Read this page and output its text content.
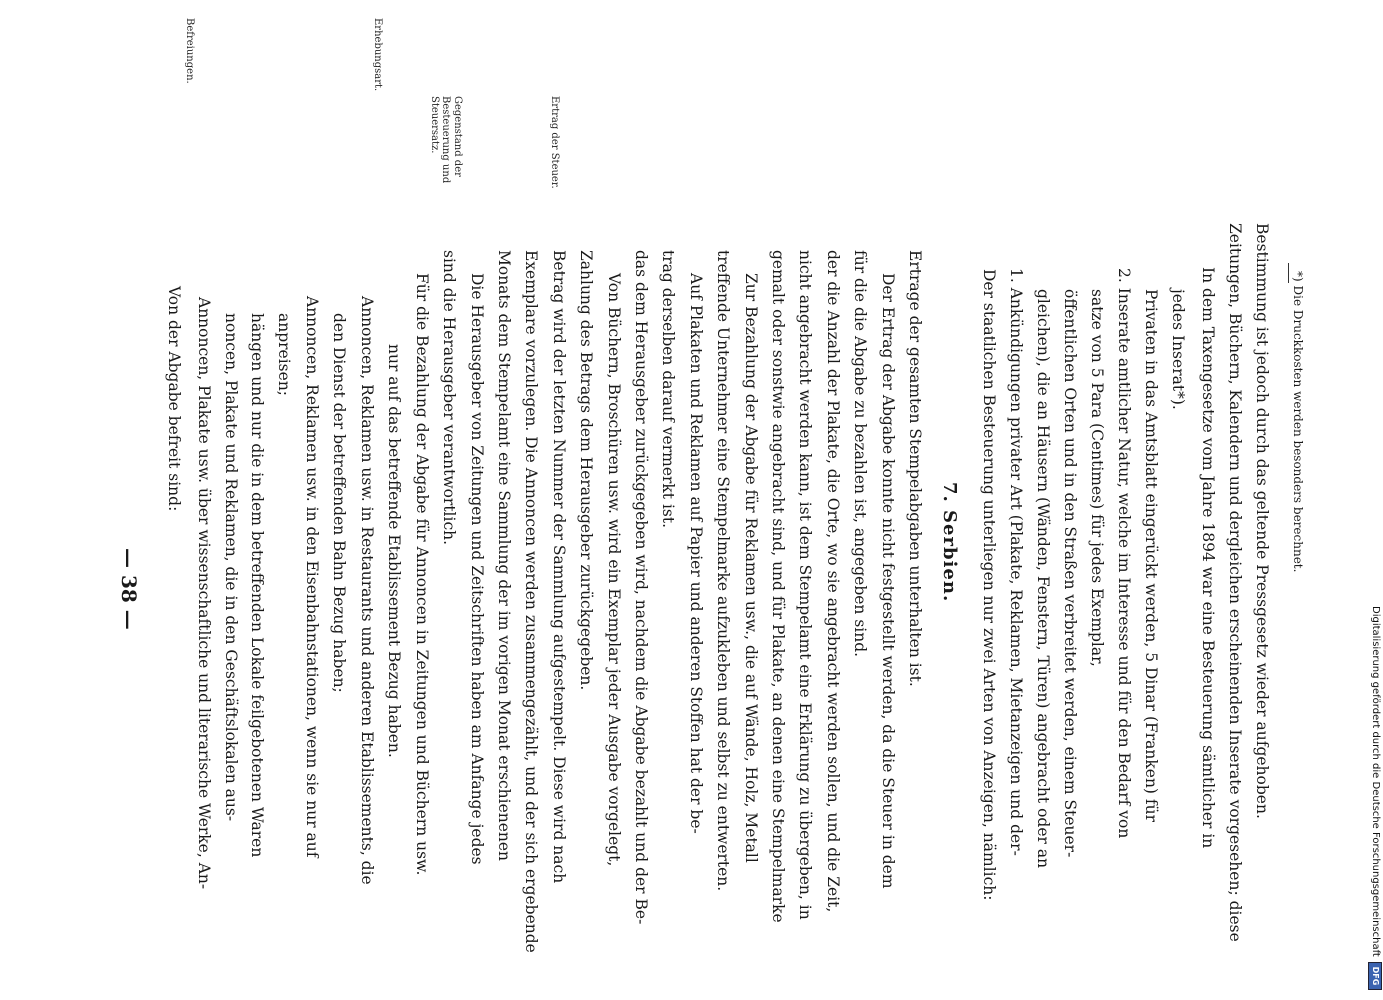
Digitalisierung gefördert durch die Deutsche Forschungsgemeinschaft
DFG
— 38 —
Befreiungen.	Erhebungsart.
Ertrag der Steuer.
Gegenstand der Besteuerung und Steuersatz.
Von der Abgabe befreit sind: Annoncen, Plakate usw. über wissenschaftliche und literarische Werke, An- noncen, Plakate und Reklamen, die in den Geschäftslokalen aus- hängen und nur die in dem betreffenden Lokale feilgebotenen Waren anpreisen; Annoncen, Reklamen usw. in den Eisenbahnstationen, wenn sie nur auf den Dienst der betreffenden Bahn Bezug haben; Annoncen, Reklamen usw. in Restaurants und anderen Etablissements, die nur auf das betreffende Etablissement Bezug haben. Für die Bezahlung der Abgabe für Annoncen in Zeitungen und Büchern usw. sind die Herausgeber verantwortlich. Die Herausgeber von Zeitungen und Zeitschriften haben am Anfange jedes Monats dem Stempelamt eine Sammlung der im vorigen Monat erschienenen Exemplare vorzulegen. Die Annoncen werden zusammengezählt, und der sich ergebende Betrag wird der letzten Nummer der Sammlung aufgestempelt. Diese wird nach Zahlung des Betrags dem Herausgeber zurückgegeben. Von Büchern, Broschüren usw. wird ein Exemplar jeder Ausgabe vorgelegt, das dem Herausgeber zurückgegeben wird, nachdem die Abgabe bezahlt und der Be- trag derselben darauf vermerkt ist. Auf Plakaten und Reklamen auf Papier und anderen Stoffen hat der be- treffende Unternehmer eine Stempelmarke aufzukleben und selbst zu entwerten. Zur Bezahlung der Abgabe für Reklamen usw., die auf Wände, Holz, Metall gemalt oder sonstwie angebracht sind, und für Plakate, an denen eine Stempelmarke nicht angebracht werden kann, ist dem Stempelamt eine Erklärung zu übergeben, in der die Anzahl der Plakate, die Orte, wo sie angebracht werden sollen, und die Zeit, für die die Abgabe zu bezahlen ist, angegeben sind. Der Ertrag der Abgabe konnte nicht festgestellt werden, da die Steuer in dem Ertrage der gesamten Stempelabgaben unterhalten ist. 7. Serbien. Der staatlichen Besteuerung unterliegen nur zwei Arten von Anzeigen, nämlich: 1. Ankündigungen privater Art (Plakate, Reklamen, Mietanzeigen und der- gleichen), die an Häusern (Wänden, Fenstern, Türen) angebracht oder an öffentlichen Orten und in den Straßen verbreitet werden, einem Steuer- satze von 5 Para (Centimes) für jedes Exemplar, 2. Inserate amtlicher Natur, welche im Interesse und für den Bedarf von Privaten in das Amtsblatt eingerückt werden, 5 Dinar (Franken) für jedes Inserat*). In dem Taxengesetze vom Jahre 1894 war eine Besteuerung sämtlicher in Zeitungen, Büchern, Kalendern und dergleichen erscheinenden Inserate vorgesehen; diese Bestimmung ist jedoch durch das geltende Pressgesetz wieder aufgehoben. *) Die Druckkosten werden besonders berechnet.
